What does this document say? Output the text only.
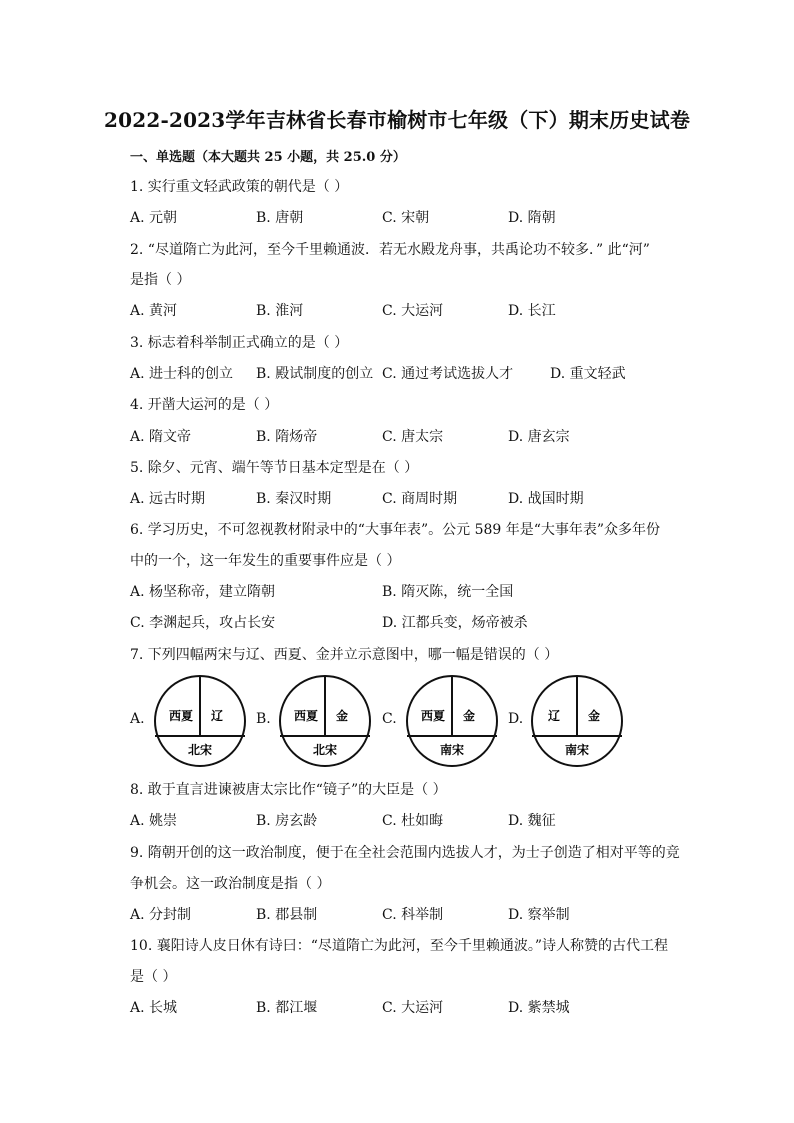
2022-2023学年吉林省长春市榆树市七年级（下）期末历史试卷
一、单选题（本大题共 25 小题，共 25.0 分）
1. 实行重文轻武政策的朝代是（ ）
A. 元朝	B. 唐朝	C. 宋朝	D. 隋朝
2. “尽道隋亡为此河，至今千里赖通波．若无水殿龙舟事，共禹论功不较多．” 此“河”
是指（ ）
A. 黄河	B. 淮河	C. 大运河	D. 长江
3. 标志着科举制正式确立的是（ ）
A. 进士科的创立 B. 殿试制度的创立 C. 通过考试选拔人才	D. 重文轻武
4. 开凿大运河的是（ ）
A. 隋文帝	B. 隋炀帝	C. 唐太宗	D. 唐玄宗
5. 除夕、元宵、端午等节日基本定型是在（ ）
A. 远古时期	B. 秦汉时期	C. 商周时期	D. 战国时期
6. 学习历史，不可忽视教材附录中的“大事年表”。公元 589 年是“大事年表”众多年份
中的一个，这一年发生的重要事件应是（ ）
A. 杨坚称帝，建立隋朝	B. 隋灭陈，统一全国
C. 李渊起兵，攻占长安	D. 江都兵变，炀帝被杀
7. 下列四幅两宋与辽、西夏、金并立示意图中，哪一幅是错误的（ ）
A. 西夏 辽
北宋
B. 西夏 金
北宋
C. 西夏 金
南宋
D. 辽 金
南宋
8. 敢于直言进谏被唐太宗比作“镜子”的大臣是（ ）
A. 姚崇	B. 房玄龄	C. 杜如晦	D. 魏征
9. 隋朝开创的这一政治制度，便于在全社会范围内选拔人才，为士子创造了相对平等的竞
争机会。这一政治制度是指（ ）
A. 分封制	B. 郡县制	C. 科举制	D. 察举制
10. 襄阳诗人皮日休有诗曰：“尽道隋亡为此河，至今千里赖通波。”诗人称赞的古代工程
是（ ）
A. 长城	B. 都江堰	C. 大运河	D. 紫禁城
